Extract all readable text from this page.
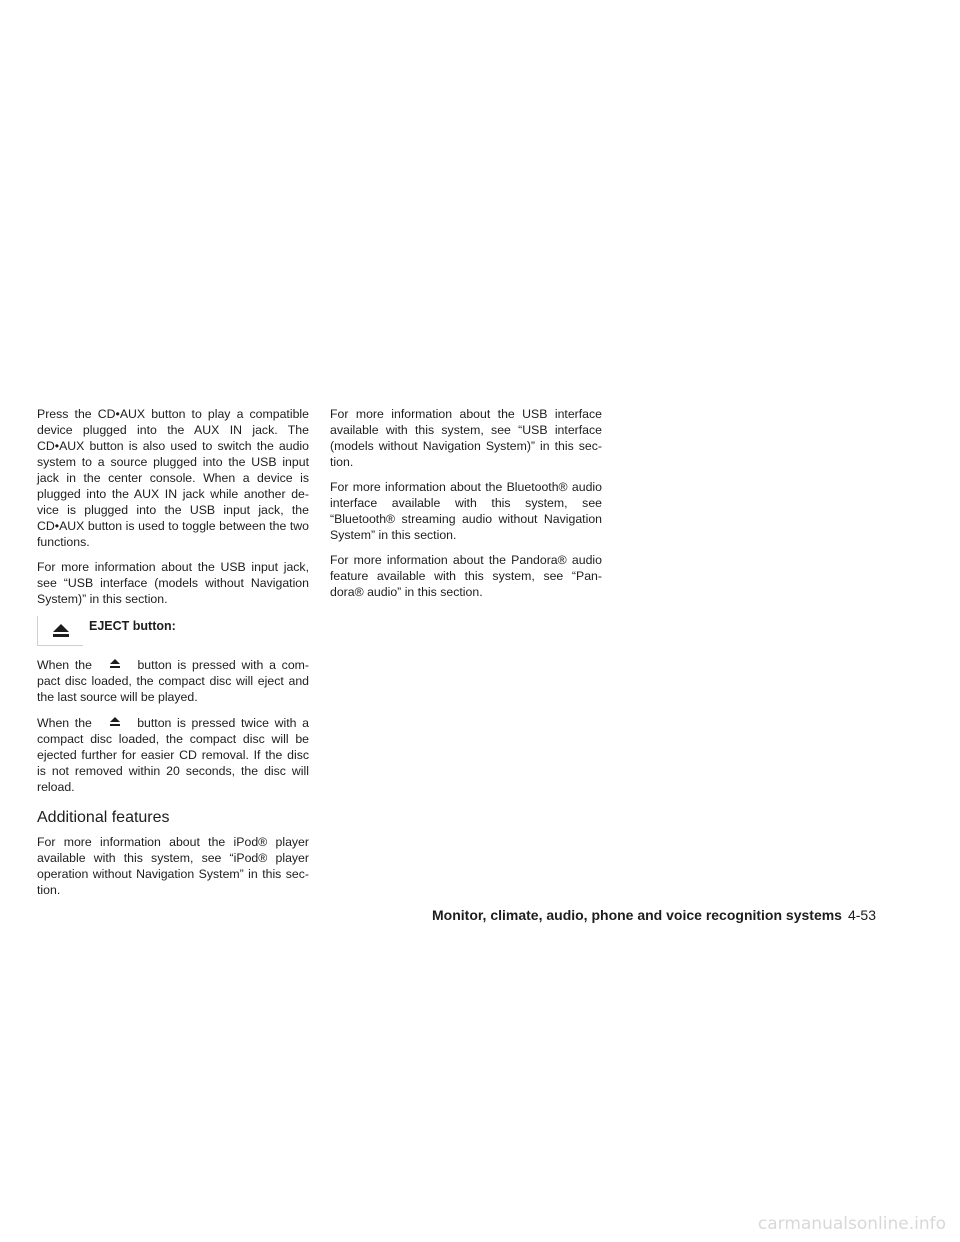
Press the CD•AUX button to play a compatible device plugged into the AUX IN jack. The CD•AUX button is also used to switch the audio system to a source plugged into the USB input jack in the center console. When a device is plugged into the AUX IN jack while another de-vice is plugged into the USB input jack, the CD•AUX button is used to toggle between the two functions.

For more information about the USB input jack, see “USB interface (models without Navigation System)” in this section.

EJECT button:

When the	button is pressed with a com-pact disc loaded, the compact disc will eject and the last source will be played.

When the	button is pressed twice with a compact disc loaded, the compact disc will be ejected further for easier CD removal. If the disc is not removed within 20 seconds, the disc will reload.

Additional features

For more information about the iPod® player available with this system, see “iPod® player operation without Navigation System” in this sec-tion.

For more information about the USB interface available with this system, see “USB interface (models without Navigation System)” in this sec-tion.

For more information about the Bluetooth® audio interface available with this system, see “Bluetooth® streaming audio without Navigation System” in this section.

For more information about the Pandora® audio feature available with this system, see “Pan-dora® audio” in this section.

Monitor, climate, audio, phone and voice recognition systems 4-53
carmanualsonline.info
